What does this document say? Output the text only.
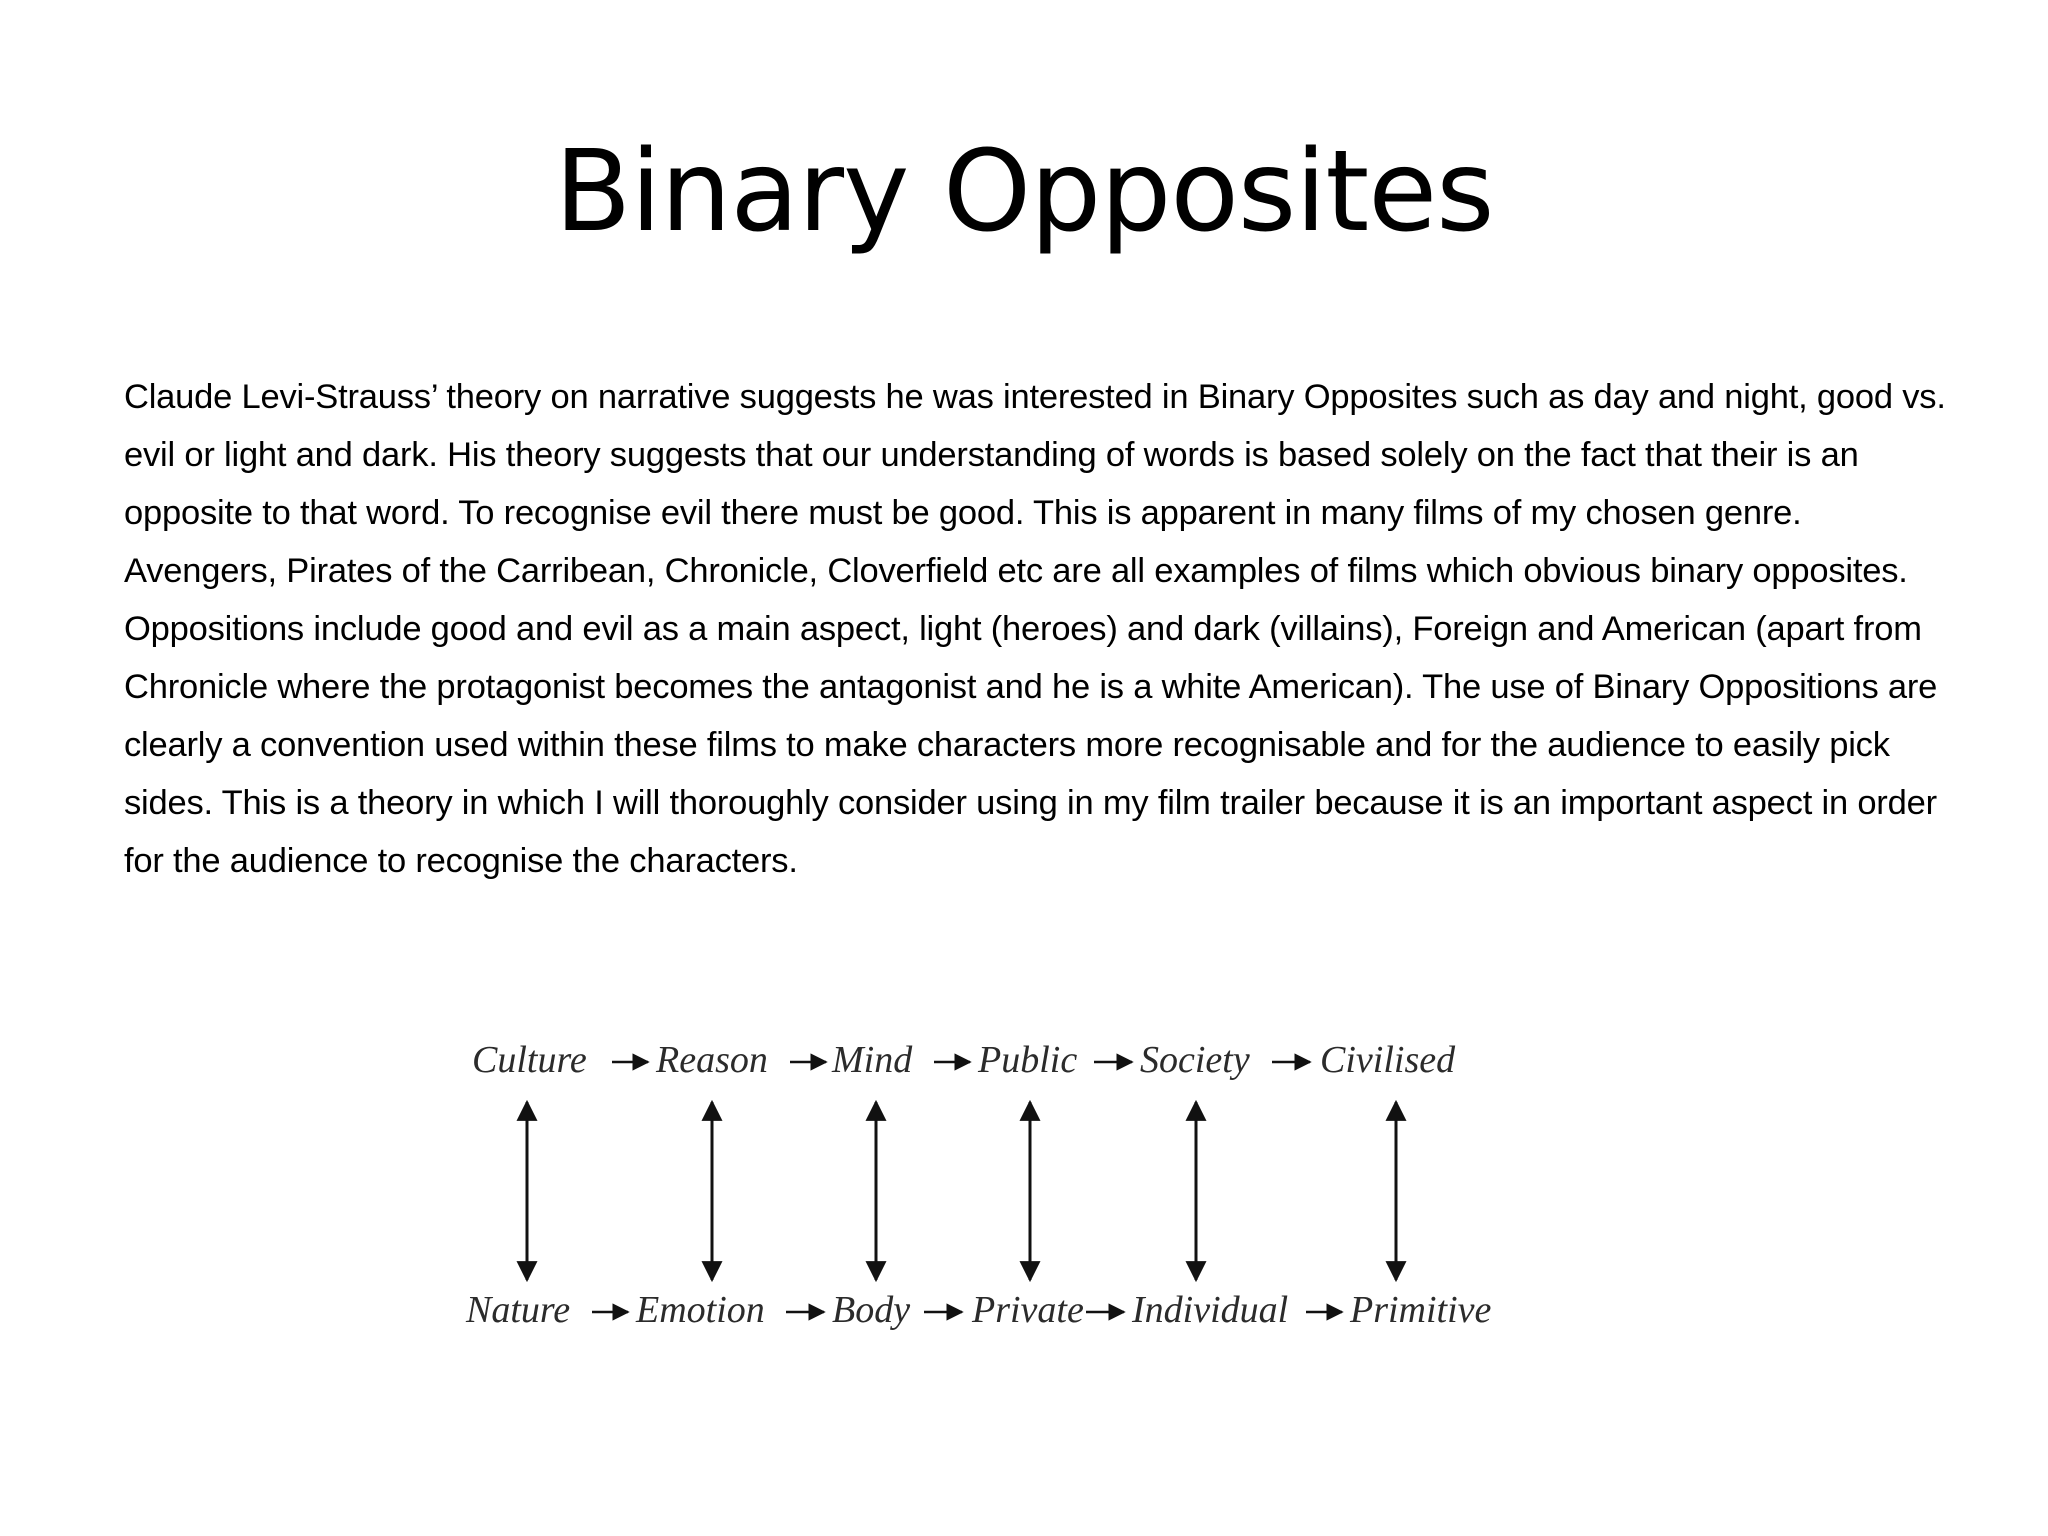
Binary Opposites

Claude Levi-Strauss’ theory on narrative suggests he was interested in Binary Opposites such as day and night, good vs. evil or light and dark. His theory suggests that our understanding of words is based solely on the fact that their is an opposite to that word. To recognise evil there must be good. This is apparent in many films of my chosen genre. Avengers, Pirates of the Carribean, Chronicle, Cloverfield etc are all examples of films which obvious binary opposites.

Oppositions include good and evil as a main aspect, light (heroes) and dark (villains), Foreign and American (apart from Chronicle where the protagonist becomes the antagonist and he is a white American). The use of Binary Oppositions are clearly a convention used within these films to make characters more recognisable and for the audience to easily pick sides. This is a theory in which I will thoroughly consider using in my film trailer because it is an important aspect in order for the audience to recognise the characters.

Culture Reason Mind Public Society Civilised
Nature Emotion Body Private Individual Primitive
